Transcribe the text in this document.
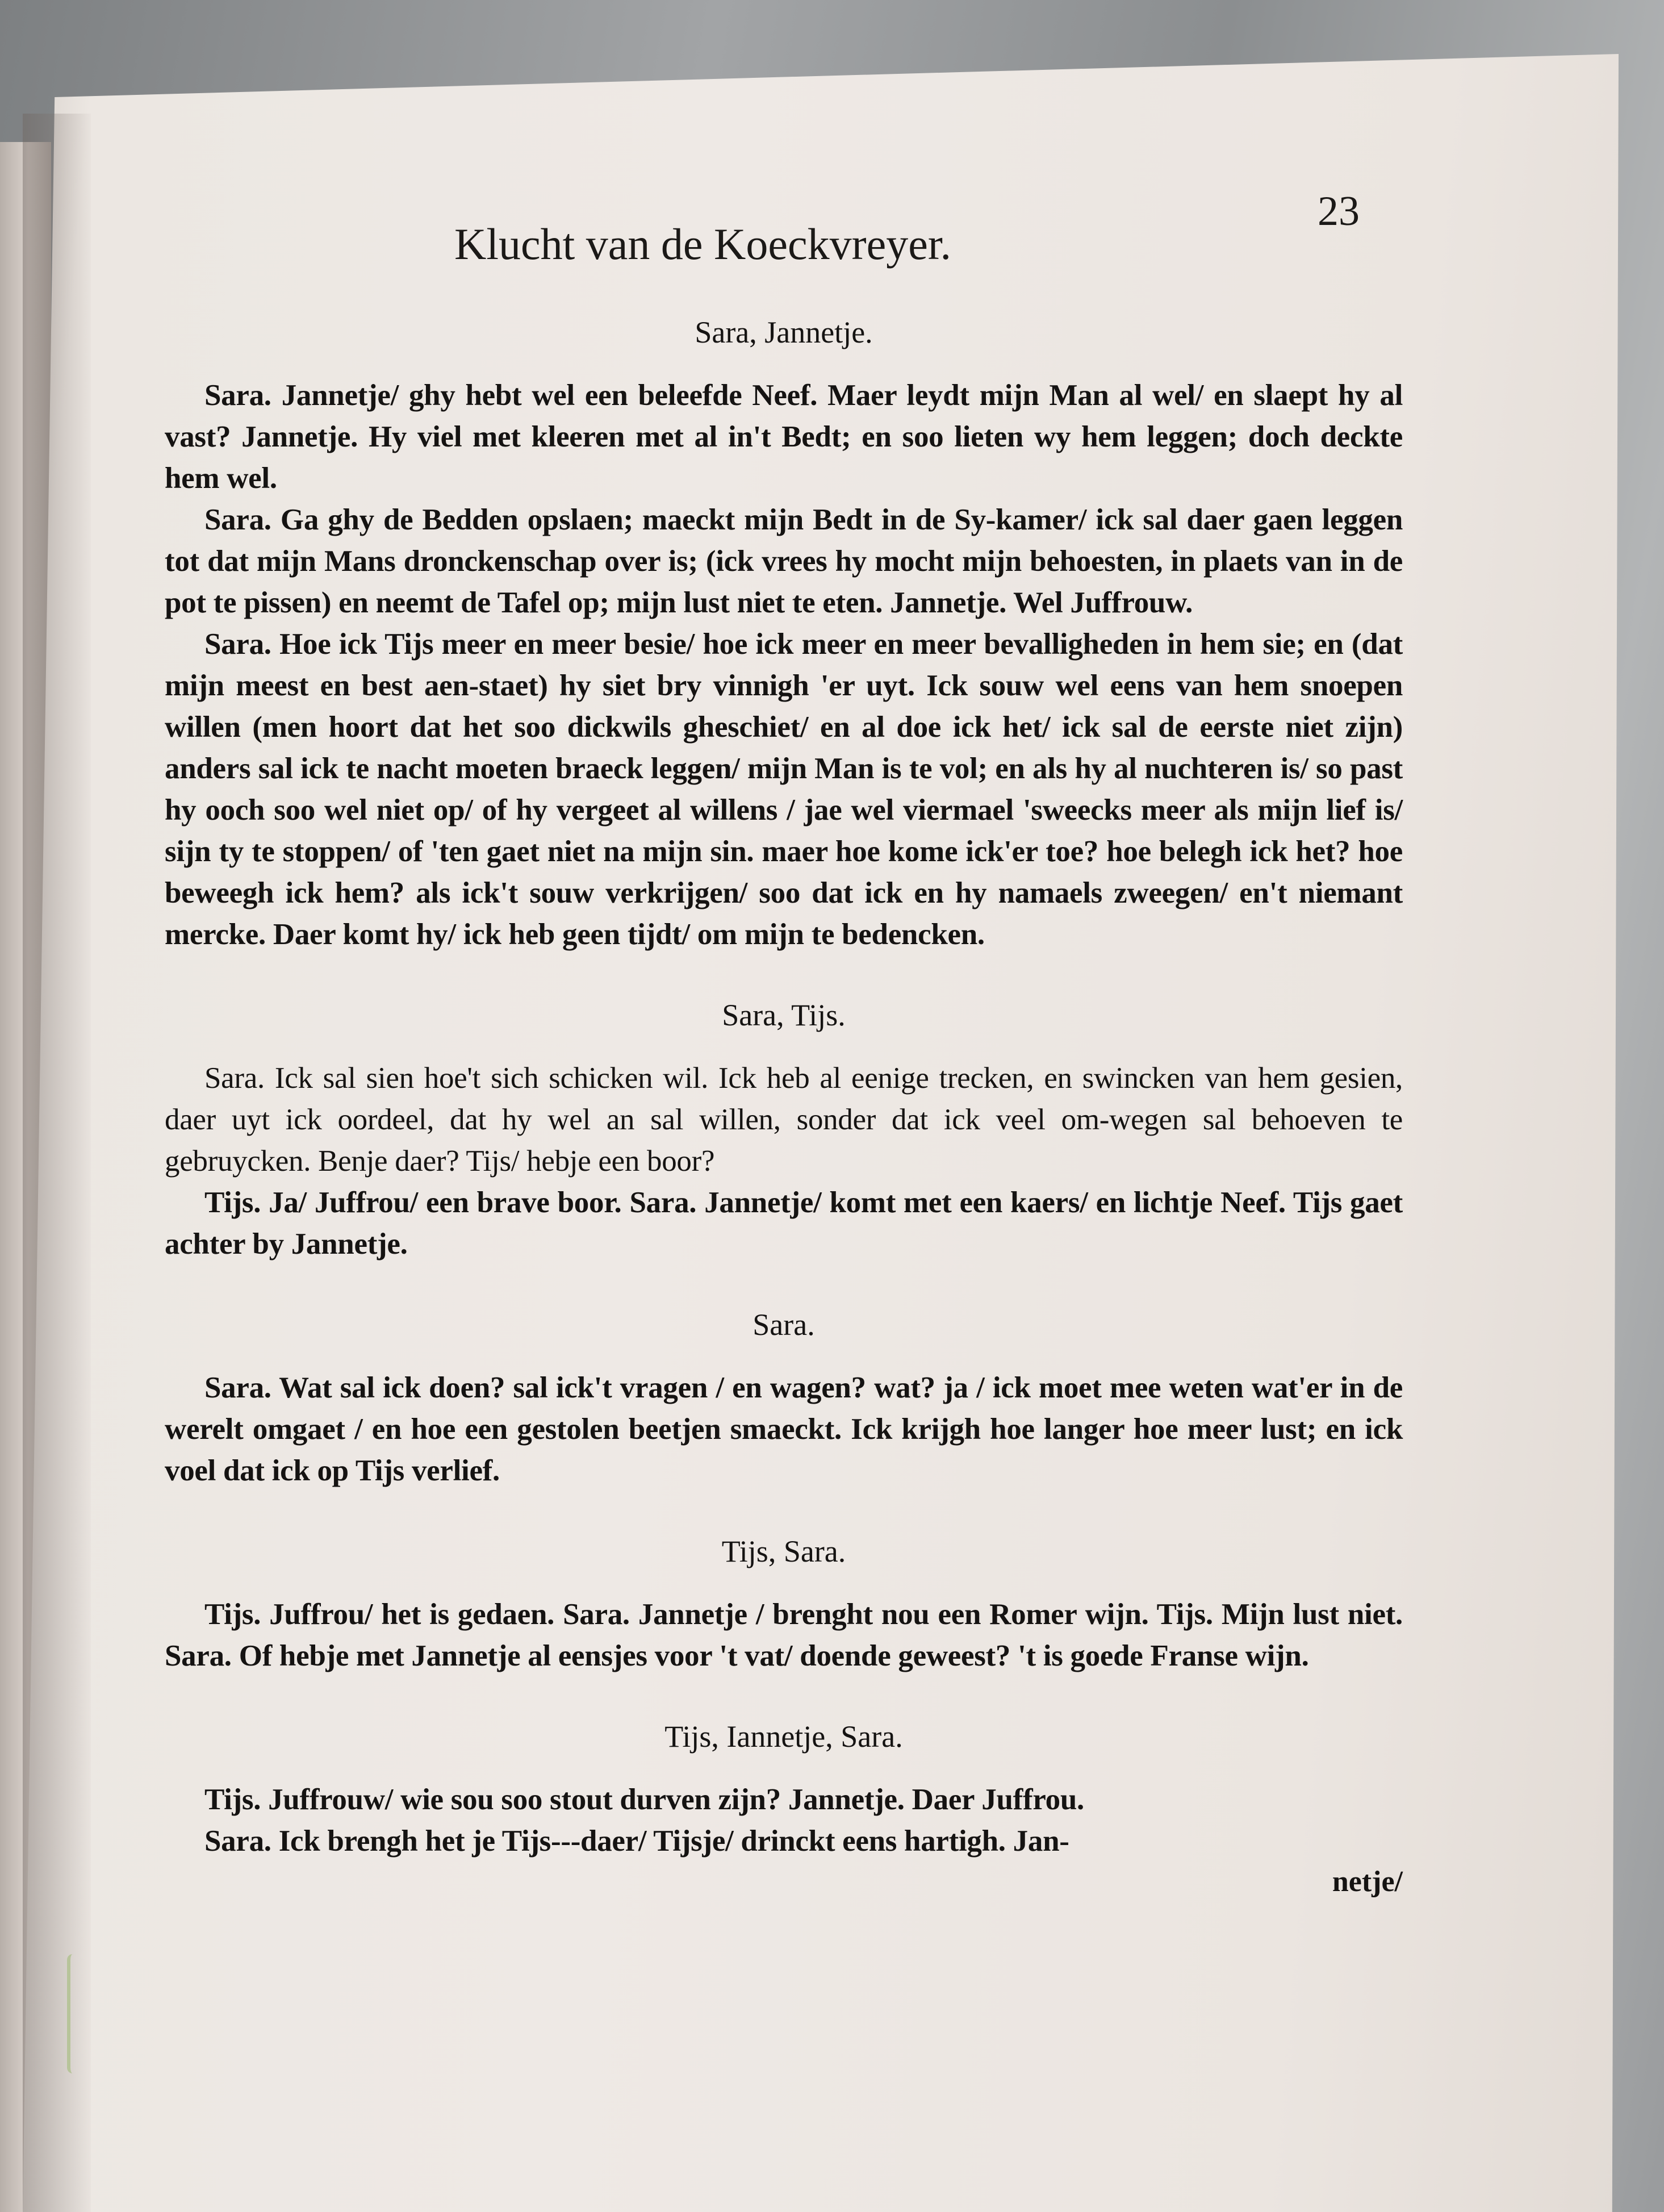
Klucht van de Koeckvreyer.
23
Sara, Jannetje.

Sara. Jannetje/ ghy hebt wel een beleefde Neef. Maer leydt mijn Man al wel/ en slaept hy al vast? Jannetje. Hy viel met kleeren met al in't Bedt; en soo lieten wy hem leggen; doch deckte hem wel.

Sara. Ga ghy de Bedden opslaen; maeckt mijn Bedt in de Sy-kamer/ ick sal daer gaen leggen tot dat mijn Mans dronckenschap over is; (ick vrees hy mocht mijn behoesten, in plaets van in de pot te pissen) en neemt de Tafel op; mijn lust niet te eten. Jannetje. Wel Juffrouw.

Sara. Hoe ick Tijs meer en meer besie/ hoe ick meer en meer bevalligheden in hem sie; en (dat mijn meest en best aen-staet) hy siet bry vinnigh 'er uyt. Ick souw wel eens van hem snoepen willen (men hoort dat het soo dickwils gheschiet/ en al doe ick het/ ick sal de eerste niet zijn) anders sal ick te nacht moeten braeck leggen/ mijn Man is te vol; en als hy al nuchteren is/ so past hy ooch soo wel niet op/ of hy vergeet al willens / jae wel viermael 'sweecks meer als mijn lief is/ sijn ty te stoppen/ of 'ten gaet niet na mijn sin. maer hoe kome ick'er toe? hoe belegh ick het? hoe beweegh ick hem? als ick't souw verkrijgen/ soo dat ick en hy namaels zweegen/ en't niemant mercke. Daer komt hy/ ick heb geen tijdt/ om mijn te bedencken.

Sara, Tijs.

Sara. Ick sal sien hoe't sich schicken wil. Ick heb al eenige trecken, en swincken van hem gesien, daer uyt ick oordeel, dat hy wel an sal willen, sonder dat ick veel om-wegen sal behoeven te gebruycken. Benje daer? Tijs/ hebje een boor?

Tijs. Ja/ Juffrou/ een brave boor. Sara. Jannetje/ komt met een kaers/ en lichtje Neef. Tijs gaet achter by Jannetje.

Sara.

Sara. Wat sal ick doen? sal ick't vragen / en wagen? wat? ja / ick moet mee weten wat'er in de werelt omgaet / en hoe een gestolen beetjen smaeckt. Ick krijgh hoe langer hoe meer lust; en ick voel dat ick op Tijs verlief.

Tijs, Sara.

Tijs. Juffrou/ het is gedaen. Sara. Jannetje / brenght nou een Romer wijn. Tijs. Mijn lust niet. Sara. Of hebje met Jannetje al eensjes voor 't vat/ doende geweest? 't is goede Franse wijn.

Tijs, Iannetje, Sara.

Tijs. Juffrouw/ wie sou soo stout durven zijn? Jannetje. Daer Juffrou.

Sara. Ick brengh het je Tijs---daer/ Tijsje/ drinckt eens hartigh. Jan-

netje/
